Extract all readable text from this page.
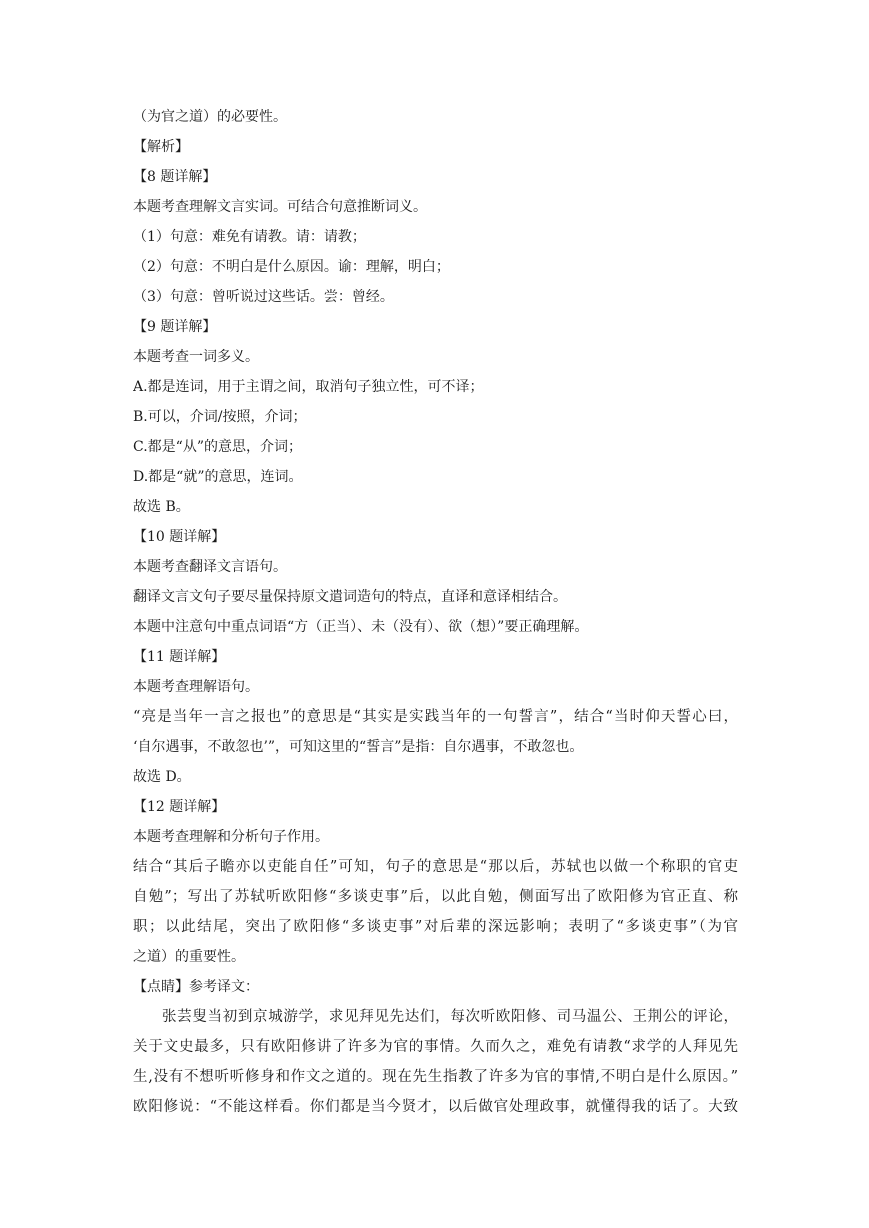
（为官之道）的必要性。
【解析】
【8 题详解】
本题考查理解文言实词。可结合句意推断词义。
（1）句意：难免有请教。请：请教；
（2）句意：不明白是什么原因。谕：理解，明白；
（3）句意：曾听说过这些话。尝：曾经。
【9 题详解】
本题考查一词多义。
A.都是连词，用于主谓之间，取消句子独立性，可不译；
B.可以，介词/按照，介词；
C.都是“从”的意思，介词；
D.都是“就”的意思，连词。
故选 B。
【10 题详解】
本题考查翻译文言语句。
翻译文言文句子要尽量保持原文遣词造句的特点，直译和意译相结合。
本题中注意句中重点词语“方（正当）、未（没有）、欲（想）”要正确理解。
【11 题详解】
本题考查理解语句。
“亮是当年一言之报也”的意思是“其实是实践当年的一句誓言”，结合“当时仰天誓心曰，
‘自尔遇事，不敢忽也’”，可知这里的“誓言”是指：自尔遇事，不敢忽也。
故选 D。
【12 题详解】
本题考查理解和分析句子作用。
结合“其后子瞻亦以吏能自任”可知，句子的意思是“那以后，苏轼也以做一个称职的官吏
自勉”；写出了苏轼听欧阳修“多谈吏事”后，以此自勉，侧面写出了欧阳修为官正直、称
职；以此结尾，突出了欧阳修“多谈吏事”对后辈的深远影响；表明了“多谈吏事”（为官
之道）的重要性。
【点睛】参考译文：
张芸叟当初到京城游学，求见拜见先达们，每次听欧阳修、司马温公、王荆公的评论，
关于文史最多，只有欧阳修讲了许多为官的事情。久而久之，难免有请教“求学的人拜见先
生,没有不想听听修身和作文之道的。现在先生指教了许多为官的事情,不明白是什么原因。”
欧阳修说：“不能这样看。你们都是当今贤才，以后做官处理政事，就懂得我的话了。大致
